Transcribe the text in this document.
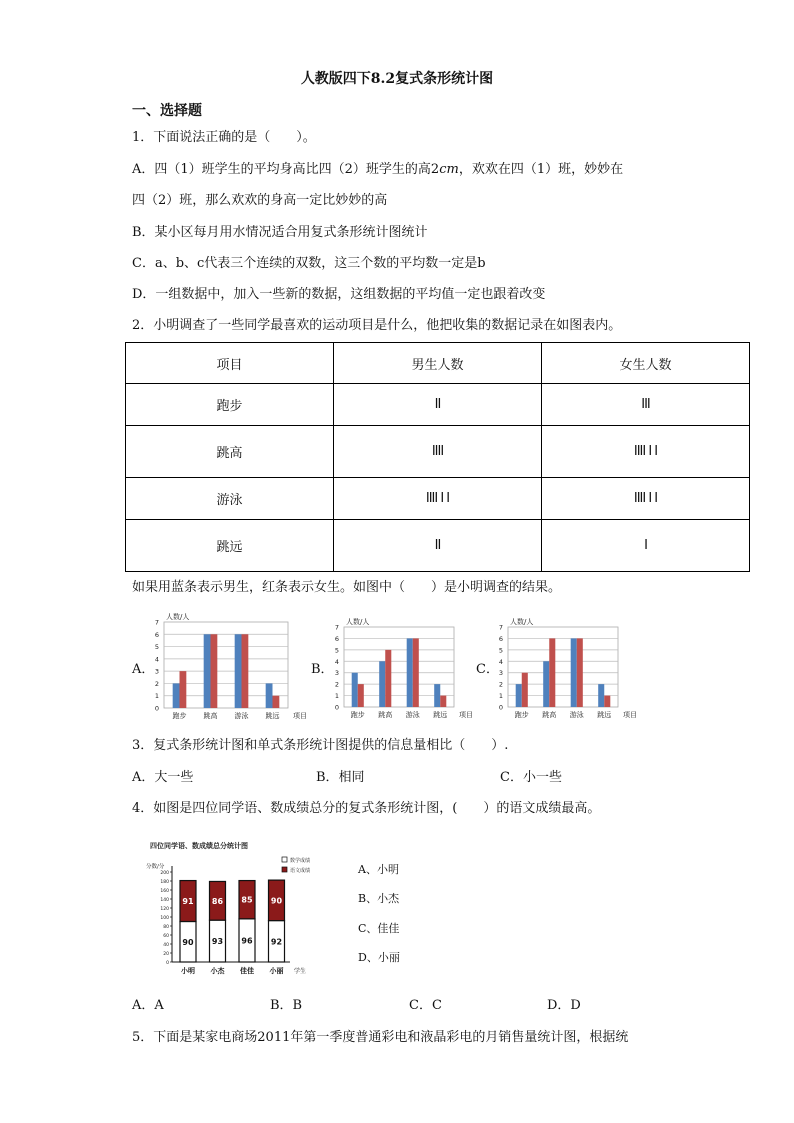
人教版四下8.2复式条形统计图
一、选择题
1．下面说法正确的是（　　）。
A．四（1）班学生的平均身高比四（2）班学生的高2cm，欢欢在四（1）班，妙妙在
四（2）班，那么欢欢的身高一定比妙妙的高
B．某小区每月用水情况适合用复式条形统计图统计
C．a、b、c代表三个连续的双数，这三个数的平均数一定是b
D．一组数据中，加入一些新的数据，这组数据的平均值一定也跟着改变
2．小明调查了一些同学最喜欢的运动项目是什么，他把收集的数据记录在如图表内。
项目	男生人数	女生人数
跑步	II	III
跳高	IIII	IIII I I
游泳	IIII I I	IIII I I
跳远	II	I
如果用蓝条表示男生，红条表示女生。如图中（　　）是小明调查的结果。
A．	B．	C．
0
1
2
3
4
5
6
7
跑步 跳高 游泳 跳远
人数/人
项目
0
1
2
3
4
5
6
7
跑步 跳高 游泳 跳远
人数/人
项目
0
1
2
3
4
5
6
7
跑步 跳高 游泳 跳远
人数/人
项目
3．复式条形统计图和单式条形统计图提供的信息量相比（　　）.
A．大一些	B．相同	C．小一些
4．如图是四位同学语、数成绩总分的复式条形统计图，(　　）的语文成绩最高。
四位同学语、数成绩总分统计图
分数/分
0
20
40
60
80
100
120
140
160
180
200
90
91
小明
93
86
小杰
96
85
佳佳
92
90
小丽 学生
数学成绩
语文成绩	A、小明
B、小杰
C、佳佳
D、小丽
A．A	B．B	C．C	D．D
5．下面是某家电商场2011年第一季度普通彩电和液晶彩电的月销售量统计图，根据统
